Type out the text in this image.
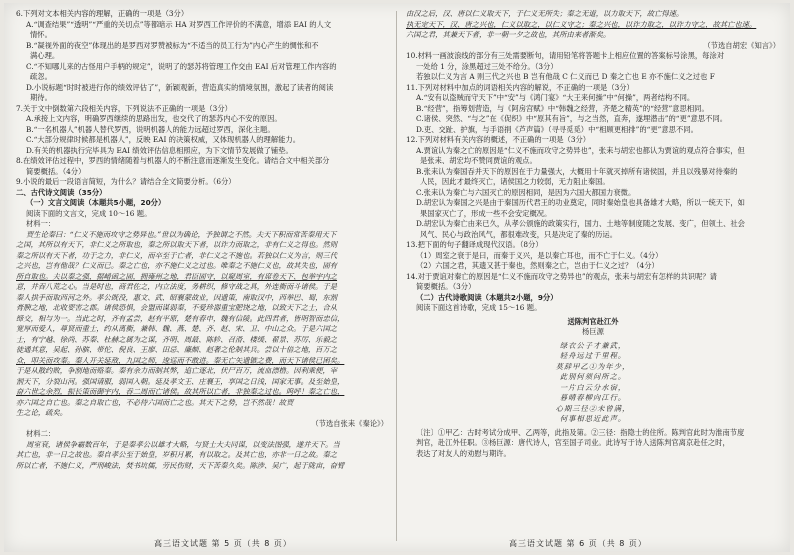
6.下列对文本相关内容的理解，正确的一项是（3分）
A.“调查结果”“透明”“严重的关切点”等都暗示 HA 对罗西工作评价的不满意，增添 EAI 的人文
情怀。
B.“凝视外面的夜空”体现出的是罗西对罗赞被标为“不适当的员工行为”内心产生的惆怅和不
满心理。
C.“不知哪儿来的古怪用户手柄的规定”，说明了的瑟苏将管理工作交由 EAI 后对管理工作内容的
疏忽。
D.小说标题“时时被进行你的绩效评估了”，新颖观新，营造真实的情境氛围，激起了读者的阅读
期待。
7.关于文中倒数第六段相关内容，下列说法不正确的一项是（3分）
A.承接上文内容，明确罗西继续的思路出发，也交代了的瑟苏内心不安的原因。
B.“一名机器人”机器人替代罗西，说明机器人的能力远超过罗西，深化主题。
C.“大部分规律时候都是机器人”，反映 EAI 的决策权威，又体现机器人的理解能力。
D.有关的机器执行完毕具为 EAI 绩效评估信息相照应，为下文情节发展做了铺垫。
8.在绩效评估过程中，罗西的情绪随着与机器人的不断注意而逐渐发生变化。请结合文中相关部分
简要概括。（4分）
9.小说的最后一段语言简短，为什么？请结合全文简要分析。（6分）
二、古代诗文阅读（35分）
（一）文言文阅读（本题共5小题，20分）
阅读下面的文言文，完成 10～16 题。
材料一：
贾生论秦曰：“仁义不施而攻守之势异也。”世以为确论，予独谓之不然。夫天下积而常苦秦用天下
之国，其所以有天下，非仁义之所取也，秦之所以取天下者，以诈力而取之，非有仁义之得也。然则
秦之所以有天下者，功于之力，非仁义，而卒至于亡者，非仁义之不施也。若独以仁义为言，则三代
之兴也，岂有他哉？仁义而已。秦之亡也，亦不施仁义之过也。唯秦之不施仁义也，故其失也，固有
所自取也。夫以秦之强，据崤函之固，拥雍州之地，君臣固守，以窥周室，有席卷天下、包举宇内之
意，并吞八荒之心。当是时也，商君佐之，内立法度，务耕织，修守战之具，外连衡而斗诸侯。于是
秦人拱手而取西河之外。孝公既没，惠文、武、昭襄蒙故业，因遗策，南取汉中，西举巴、蜀，东割
膏腴之地，北收要害之郡。诸侯恐惧，会盟而谋弱秦，不爱珍器重宝肥饶之地，以致天下之士，合从
缔交，相与为一。当此之时，齐有孟尝，赵有平原，楚有春申，魏有信陵。此四君者，皆明智而忠信，
宽厚而爱人，尊贤而重士，约从离衡，兼韩、魏、燕、楚、齐、赵、宋、卫、中山之众。于是六国之
士，有宁越、徐尚、苏秦、杜赫之属为之谋，齐明、周最、陈轸、召滑、楼缓、翟景、苏厉、乐毅之
徒通其意，吴起、孙膑、带佗、倪良、王廖、田忌、廉颇、赵奢之伦制其兵。尝以十倍之地，百万之
众，叩关而攻秦。秦人开关延敌，九国之师，逡巡而不敢进。秦无亡矢遗镞之费，而天下诸侯已困矣。
于是从散约败，争割地而赂秦。秦有余力而制其弊，追亡逐北，伏尸百万，流血漂橹。因利乘便，宰
割天下，分裂山河。强国请服，弱国入朝。延及孝文王、庄襄王，享国之日浅，国家无事。及至始皇，
奋六世之余烈，振长策而御宇内，吞二周而亡诸侯。故其所以亡者，非独秦之过也。呜呼！秦之亡也，
亦六国之自亡也。秦之自取亡也，不必待六国而亡之也。其天下之势，岂不然哉！故贾
生之论，疏矣。
（节选自张耒《秦论》）
材料二：
周室衰，诸侯争霸数百年，于是秦孝公以雄才大略，与贤士大夫同谋，以变法图强，遂并天下。当
其亡也，非一日之故也。秦自孝公至于始皇，岁积月累，有以取之。及其亡也，亦非一日之故。秦之
所以亡者，不施仁义，严刑峻法，焚书坑儒，劳民伤财，天下苦秦久矣。陈涉、吴广，起于陇亩，奋臂
由汉之后，汉、唐以仁义取天下，于仁义无所失；秦之无道，以力取天下，故亡得速。
执无定天下，汉、唐之兴也，仁义以取之，以仁义守之；秦之兴也，以诈力取之，以诈力守之，故其亡也速。
六国之君，其兼天下者，非一朝一夕之故也，其所由来者渐矣。
（节选自胡宏《知言》）
10.材料一画波浪线的部分有三处需要断句，请用铅笔将答题卡上相应位置的答案标号涂黑，每涂对
一处给 1 分，涂黑超过三处不给分。（3分）
若独以仁义为言 A 则三代之兴也 B 岂有他哉 C 仁义而已 D 秦之亡也 E 亦不施仁义之过也 F
11.下列对材料中加点的词语相关内容的解说，不正确的一项是（3分）
A.“安有以盗贼而守天下”中“安”与《鸿门宴》“大王来何操”中“何操”，两者结构不同。
B.“经营”，指筹划营造，与《阿房宫赋》中“韩魏之经营，齐楚之精英”的“经营”意思相同。
C.诸侯、突然、“与之”在《促织》中“原其有旨”，与之当然，直奔，遂埋潜击”的“更”意思不同。
D.吏、交趾、护旗，与手语捐《芦声篇》（寻寻觅觅）中“相顾更相排”的“更”意思不同。
12.下列对材料有关内容的概述，不正确的一项是（3分）
A.贾谊认为秦之亡的原因是“仁义不施而攻守之势异也”，张耒与胡宏也都认为贾谊的观点符合事实，但
是张耒、胡宏均不赞同贾谊的观点。
B.张耒认为秦国吞并天下的原因在于力量强大，大概用十年就灭掉所有诸侯国，并且以残暴对待秦的
人民，因此才最终灭亡，诸侯国之力较弱，无力阻止秦国。
C.张耒认为秦亡与六国灭亡的原因相同，是因为六国大都国力衰微。
D.胡宏认为秦国之兴是由于秦国历代君王的功业奠定，同时秦始皇也具备雄才大略，所以一统天下，如
果国家灭亡了，形成一些不会安定概况。
D.胡宏认为秦亡由来已久，从孝公颁施的政策实行，国力、土地等制度随之发展、变广，但领土、社会
风气、民心与政治风气，都很难改变，只是决定了秦的历运。
13.把下面的句子翻译成现代汉语。（8分）
（1）周室之衰于是曰，而秦于义兴，是以秦亡耳也，而不亡于仁义。（4分）
（2）六国之君，其遗又甚于秦也，然则秦之亡，岂由于仁义之过？（4分）
14.对于贾谊对秦亡的原因是“仁义不施而攻守之势异也”的观点，张耒与胡宏有怎样的共识呢？请
简要概括。（3分）
（二）古代诗歌阅读（本题共2小题，9分）
阅读下面这首诗歌，完成 15～16 题。
送陈判官赴江外
杨巨源
绿衣公子才兼武，
轻舟远过千里程。
莫辞甲乙①为年少，
此别何须问所之。
一片白云分水宿，
暮晴春柳向江行。
心期三径②未曾满，
何事相思近此声。
〔注〕①甲乙：古时考试分成甲、乙两等，此指及第。②三径：指隐士的住所。陈判官此时为淮南节度
判官，赴江外任职。③杨巨源：唐代诗人，官至国子司业。此诗写于诗人送陈判官离京赴任之时，
表达了对友人的劝慰与期许。
高三语文试题 第 5 页（共 8 页）	高三语文试题 第 6 页（共 8 页）
